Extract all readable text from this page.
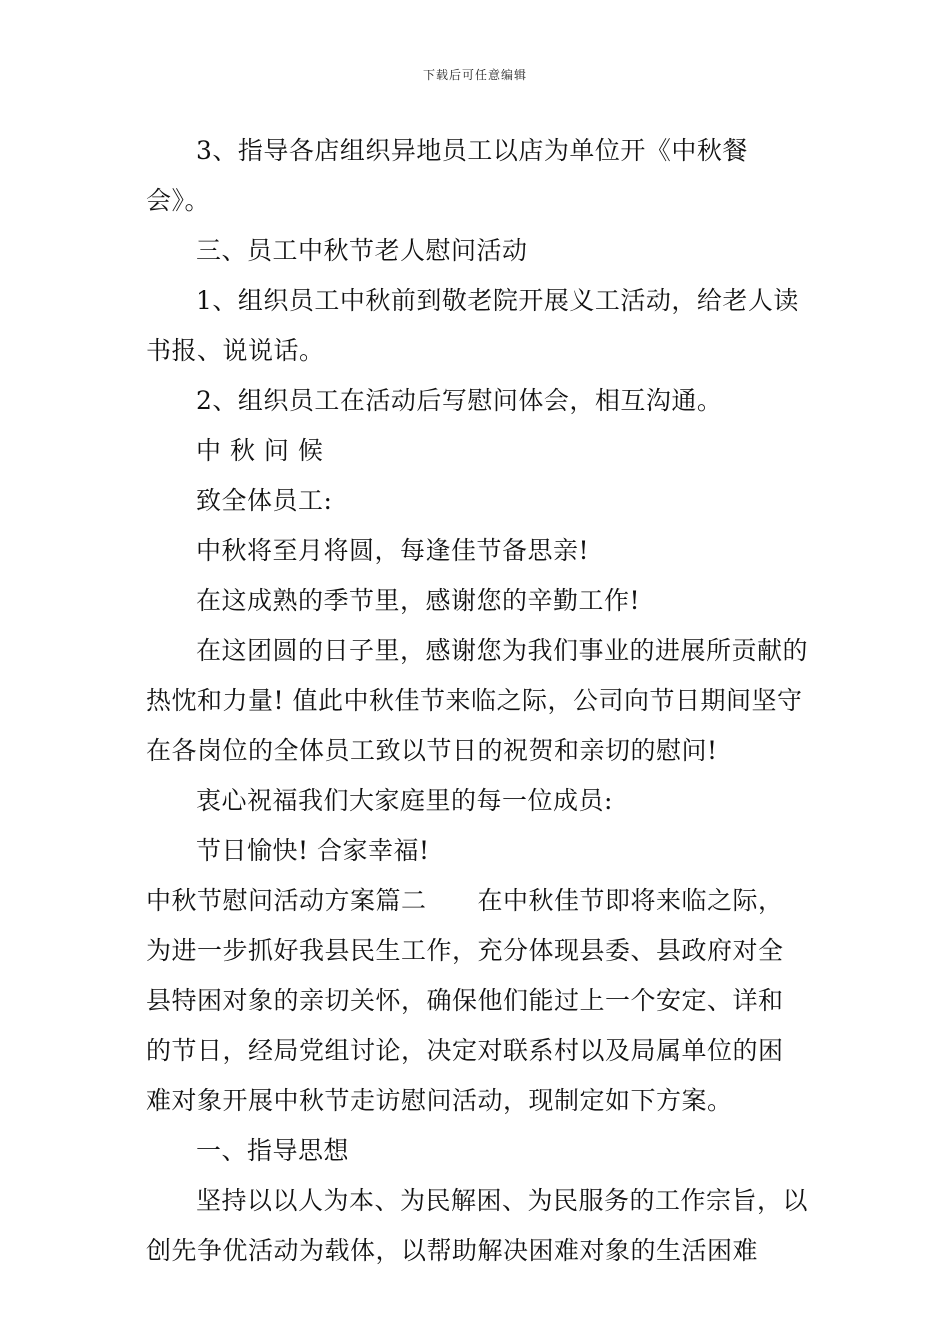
下载后可任意编辑

3、指导各店组织异地员工以店为单位开《中秋餐会》。

三、员工中秋节老人慰问活动

1、组织员工中秋前到敬老院开展义工活动，给老人读书报、说说话。

2、组织员工在活动后写慰问体会，相互沟通。

中 秋 问 候

致全体员工:

中秋将至月将圆，每逢佳节备思亲!

在这成熟的季节里，感谢您的辛勤工作!

在这团圆的日子里，感谢您为我们事业的进展所贡献的热忱和力量! 值此中秋佳节来临之际，公司向节日期间坚守在各岗位的全体员工致以节日的祝贺和亲切的慰问!

衷心祝福我们大家庭里的每一位成员:

节日愉快! 合家幸福!

中秋节慰问活动方案篇二　　在中秋佳节即将来临之际，为进一步抓好我县民生工作，充分体现县委、县政府对全县特困对象的亲切关怀，确保他们能过上一个安定、详和的节日，经局党组讨论，决定对联系村以及局属单位的困难对象开展中秋节走访慰问活动，现制定如下方案。

一、指导思想

坚持以以人为本、为民解困、为民服务的工作宗旨，以创先争优活动为载体，以帮助解决困难对象的生活困难
